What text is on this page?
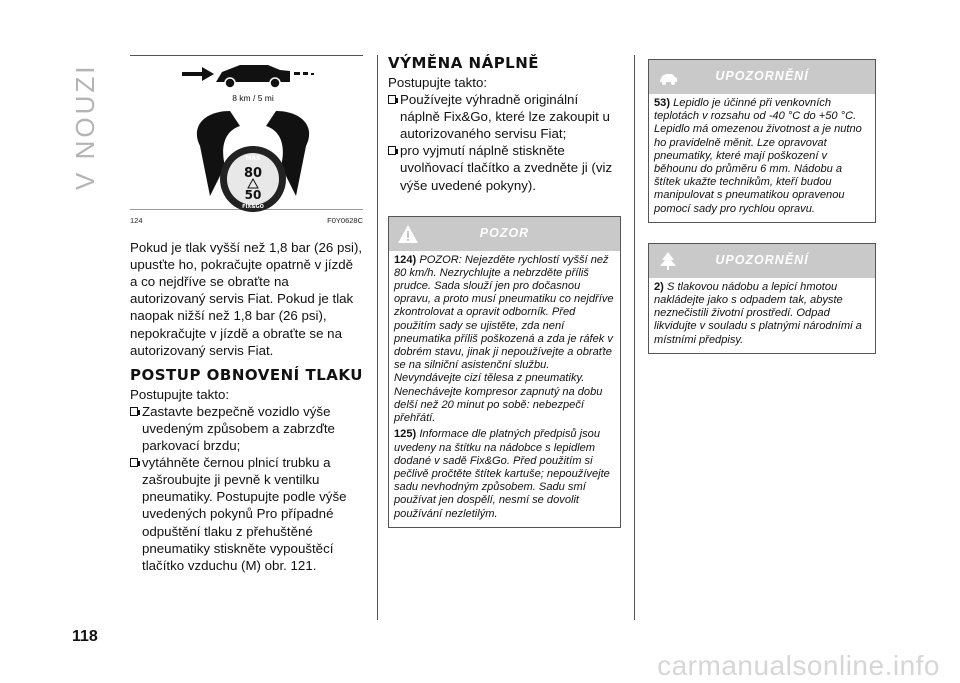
V NOUZI
118
carmanualsonline.info
8 km / 5 mi
MAX
80
50
FIX&GO
124	F0Y0628C

Pokud je tlak vyšší než 1,8 bar (26 psi), upusťte ho, pokračujte opatrně v jízdě a co nejdříve se obraťte na autorizovaný servis Fiat. Pokud je tlak naopak nižší než 1,8 bar (26 psi), nepokračujte v jízdě a obraťte se na autorizovaný servis Fiat.

POSTUP OBNOVENÍ TLAKU

Postupujte takto:

Zastavte bezpečně vozidlo výše uvedeným způsobem a zabrzďte parkovací brzdu;
vytáhněte černou plnicí trubku a zašroubujte ji pevně k ventilku pneumatiky. Postupujte podle výše uvedených pokynů Pro případné odpuštění tlaku z přehuštěné pneumatiky stiskněte vypouštěcí tlačítko vzduchu (M) obr. 121.
VÝMĚNA NÁPLNĚ

Postupujte takto:

Používejte výhradně originální náplně Fix&Go, které lze zakoupit u autorizovaného servisu Fiat;
pro vyjmutí náplně stiskněte uvolňovací tlačítko a zvedněte ji (viz výše uvedené pokyny).
POZOR
124) POZOR: Nejezděte rychlostí vyšší než 80 km/h. Nezrychlujte a nebrzděte příliš prudce. Sada slouží jen pro dočasnou opravu, a proto musí pneumatiku co nejdříve zkontrolovat a opravit odborník. Před použitím sady se ujistěte, zda není pneumatika příliš poškozená a zda je ráfek v dobrém stavu, jinak ji nepoužívejte a obraťte se na silniční asistenční službu. Nevyndávejte cizí tělesa z pneumatiky. Nenechávejte kompresor zapnutý na dobu delší než 20 minut po sobě: nebezpečí přehřátí.
125) Informace dle platných předpisů jsou uvedeny na štítku na nádobce s lepidlem dodané v sadě Fix&Go. Před použitím si pečlivě pročtěte štítek kartuše; nepoužívejte sadu nevhodným způsobem. Sadu smí používat jen dospělí, nesmí se dovolit používání nezletilým.
UPOZORNĚNÍ
53) Lepidlo je účinné při venkovních teplotách v rozsahu od -40 °C do +50 °C. Lepidlo má omezenou životnost a je nutno ho pravidelně měnit. Lze opravovat pneumatiky, které mají poškození v běhounu do průměru 6 mm. Nádobu a štítek ukažte technikům, kteří budou manipulovat s pneumatikou opravenou pomocí sady pro rychlou opravu.
UPOZORNĚNÍ
2) S tlakovou nádobu a lepicí hmotou nakládejte jako s odpadem tak, abyste neznečistili životní prostředí. Odpad likvidujte v souladu s platnými národními a místními předpisy.
